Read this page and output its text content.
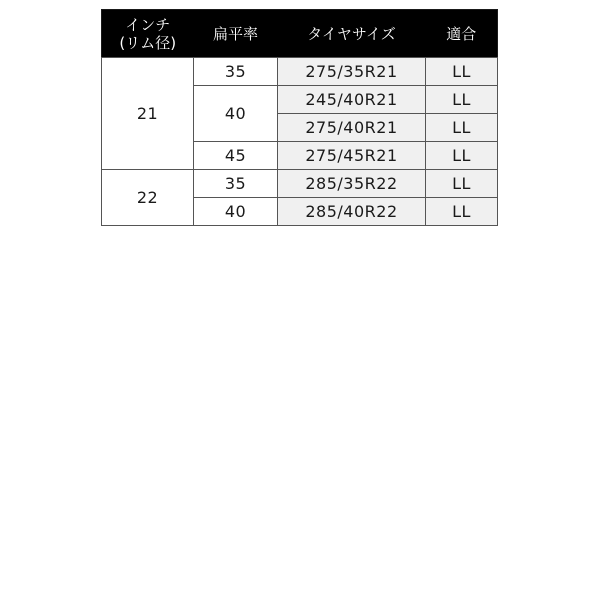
インチ
(リム径)	扁平率	タイヤサイズ	適合
21	35	275/35R21	LL
	40	245/40R21	LL
		275/40R21	LL
	45	275/45R21	LL
22	35	285/35R22	LL
	40	285/40R22	LL
